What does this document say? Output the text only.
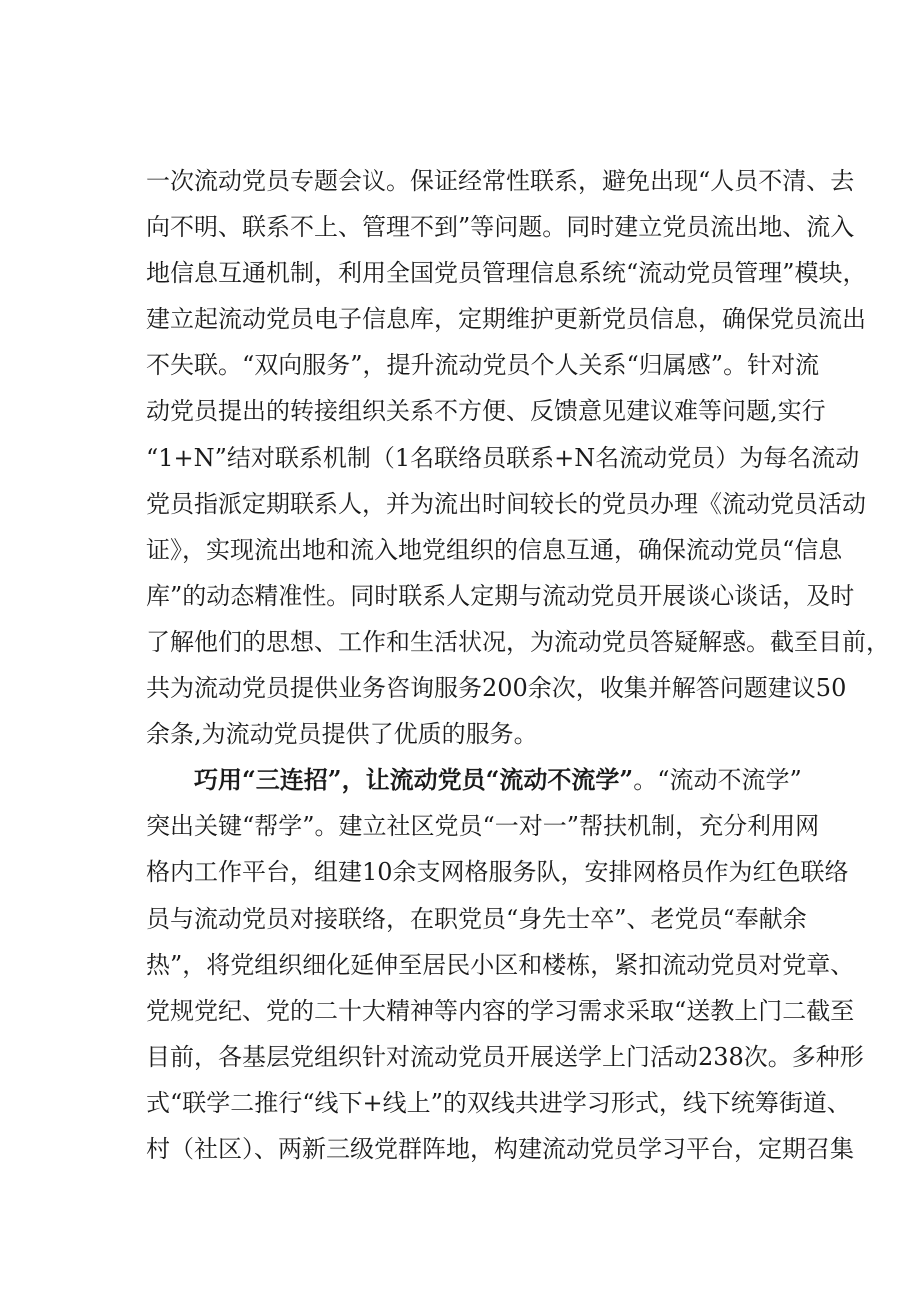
一次流动党员专题会议。保证经常性联系，避免出现“人员不清、去
向不明、联系不上、管理不到”等问题。同时建立党员流出地、流入
地信息互通机制，利用全国党员管理信息系统“流动党员管理”模块，
建立起流动党员电子信息库，定期维护更新党员信息，确保党员流出
不失联。“双向服务”，提升流动党员个人关系“归属感”。针对流
动党员提出的转接组织关系不方便、反馈意见建议难等问题,实行
“1+N”结对联系机制（1名联络员联系+N名流动党员）为每名流动
党员指派定期联系人，并为流出时间较长的党员办理《流动党员活动
证》，实现流出地和流入地党组织的信息互通，确保流动党员“信息
库”的动态精准性。同时联系人定期与流动党员开展谈心谈话，及时
了解他们的思想、工作和生活状况，为流动党员答疑解惑。截至目前，
共为流动党员提供业务咨询服务200余次，收集并解答问题建议50
余条,为流动党员提供了优质的服务。
巧用“三连招”，让流动党员“流动不流学”。“流动不流学”
突出关键“帮学”。建立社区党员“一对一”帮扶机制，充分利用网
格内工作平台，组建10余支网格服务队，安排网格员作为红色联络
员与流动党员对接联络，在职党员“身先士卒”、老党员“奉献余
热”，将党组织细化延伸至居民小区和楼栋，紧扣流动党员对党章、
党规党纪、党的二十大精神等内容的学习需求采取“送教上门二截至
目前，各基层党组织针对流动党员开展送学上门活动238次。多种形
式“联学二推行“线下+线上”的双线共进学习形式，线下统筹街道、
村（社区）、两新三级党群阵地，构建流动党员学习平台，定期召集
